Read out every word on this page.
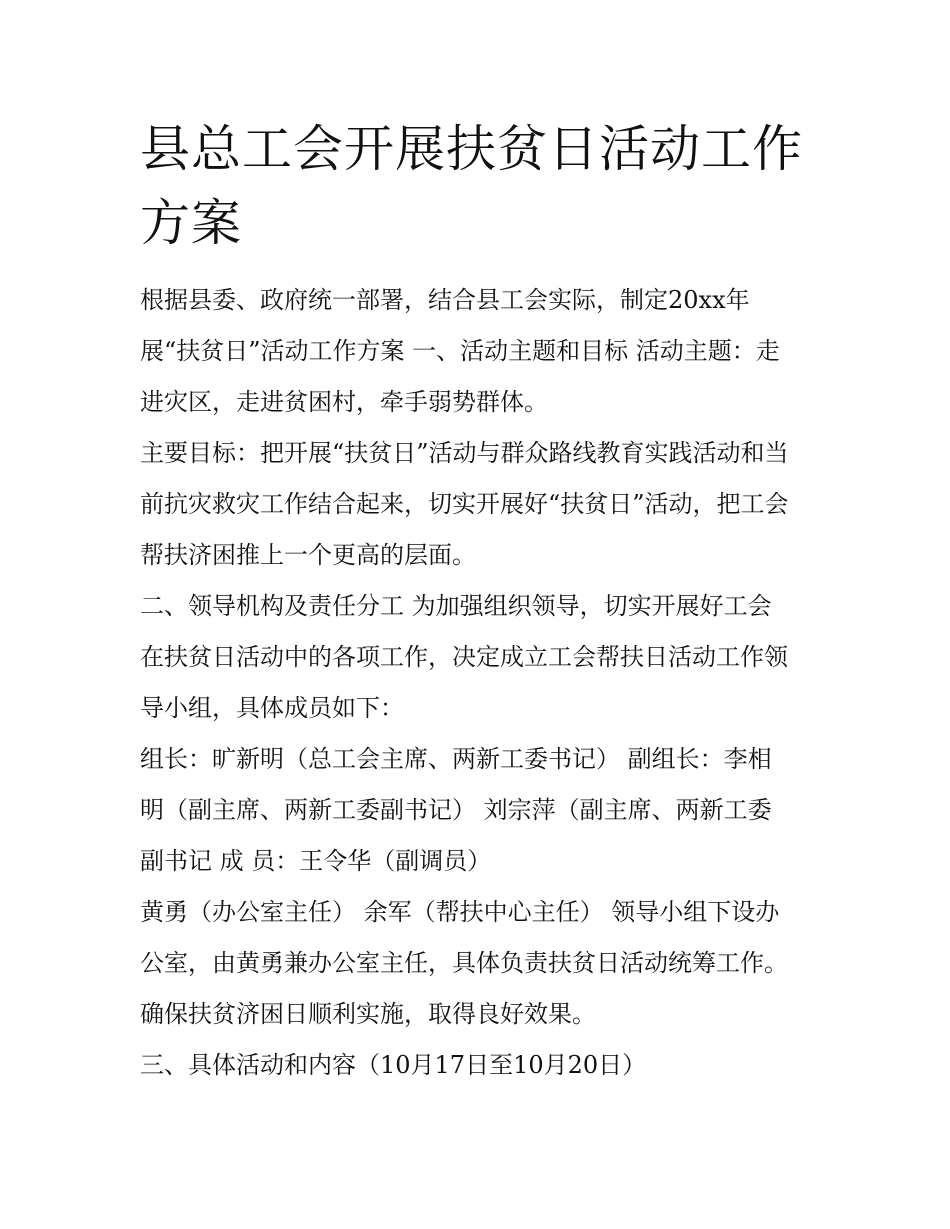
县总工会开展扶贫日活动工作
方案
根据县委、政府统一部署，结合县工会实际，制定20xx年
展“扶贫日”活动工作方案 一、活动主题和目标 活动主题：走
进灾区，走进贫困村，牵手弱势群体。
主要目标：把开展“扶贫日”活动与群众路线教育实践活动和当
前抗灾救灾工作结合起来，切实开展好“扶贫日”活动，把工会
帮扶济困推上一个更高的层面。
二、领导机构及责任分工 为加强组织领导，切实开展好工会
在扶贫日活动中的各项工作，决定成立工会帮扶日活动工作领
导小组，具体成员如下：
组长：旷新明（总工会主席、两新工委书记） 副组长：李相
明（副主席、两新工委副书记） 刘宗萍（副主席、两新工委
副书记 成 员：王令华（副调员）
黄勇（办公室主任） 余军（帮扶中心主任） 领导小组下设办
公室，由黄勇兼办公室主任，具体负责扶贫日活动统筹工作。
确保扶贫济困日顺利实施，取得良好效果。
三、具体活动和内容（10月17日至10月20日）
